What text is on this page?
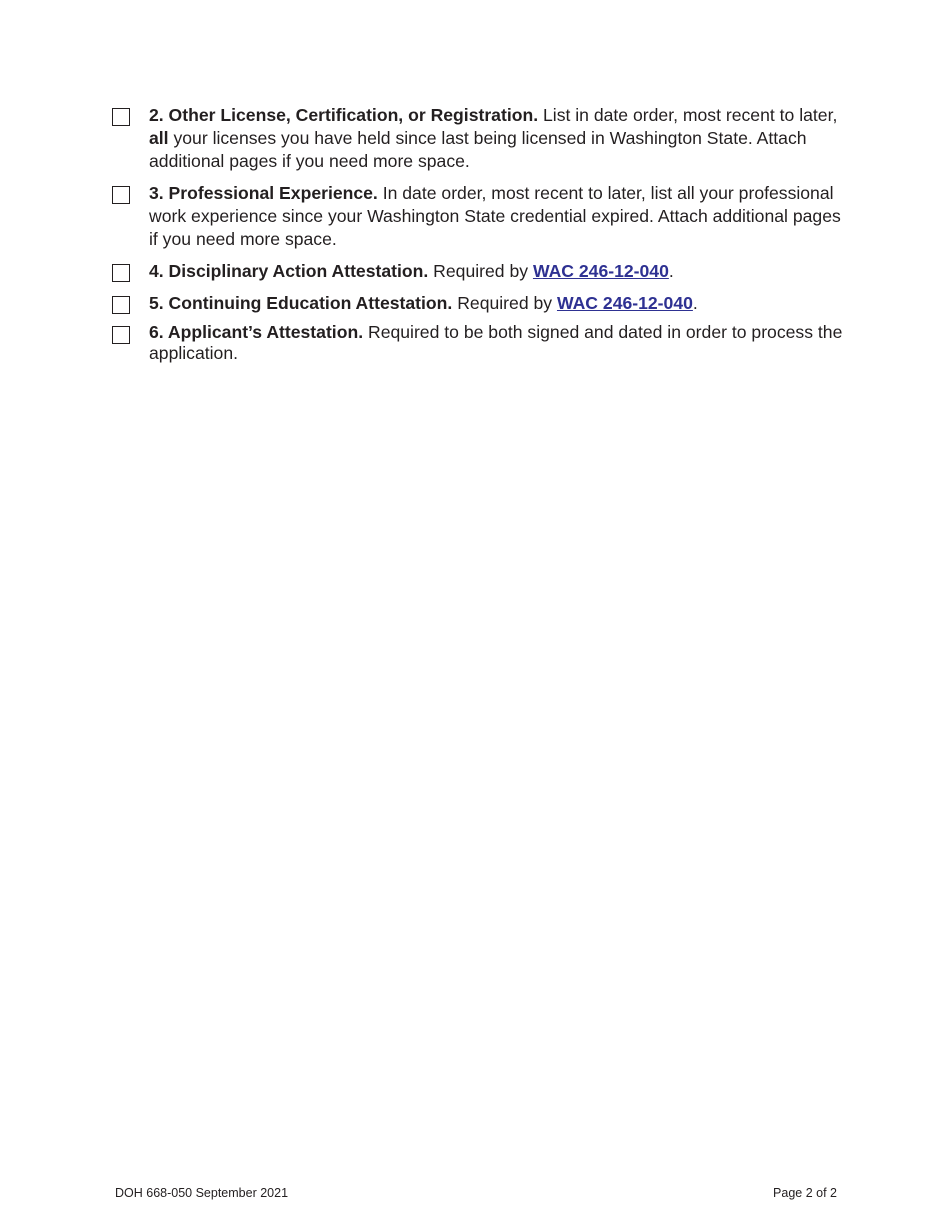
2. Other License, Certification, or Registration. List in date order, most recent to later, all your licenses you have held since last being licensed in Washington State. Attach additional pages if you need more space.
3. Professional Experience. In date order, most recent to later, list all your professional work experience since your Washington State credential expired. Attach additional pages if you need more space.
4. Disciplinary Action Attestation. Required by WAC 246-12-040.
5. Continuing Education Attestation. Required by WAC 246-12-040.
6. Applicant’s Attestation. Required to be both signed and dated in order to process the application.
DOH 668-050 September 2021	Page 2 of 2
